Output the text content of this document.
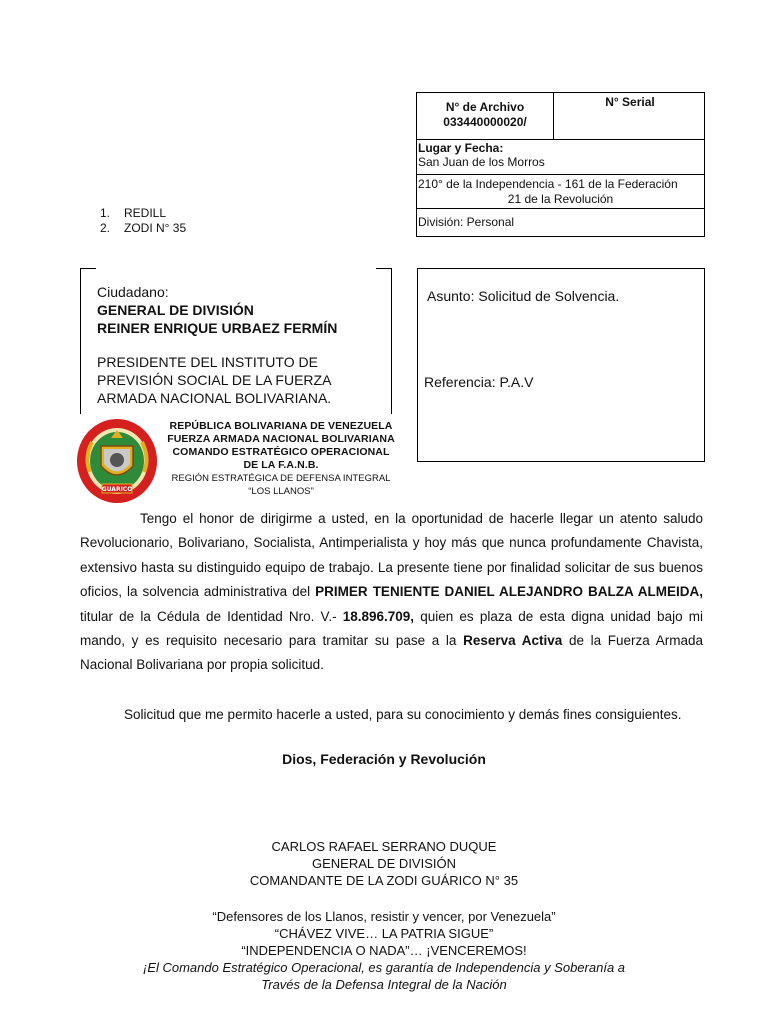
N° de Archivo
033440000020/
N° Serial
Lugar y Fecha:
San Juan de los Morros
210° de la Independencia - 161 de la Federación
21 de la Revolución
División: Personal
1. REDILL
2. ZODI N° 35
Ciudadano:
GENERAL DE DIVISIÓN
REINER ENRIQUE URBAEZ FERMÍN
PRESIDENTE DEL INSTITUTO DE
PREVISIÓN SOCIAL DE LA FUERZA
ARMADA NACIONAL BOLIVARIANA.
Asunto: Solicitud de Solvencia.
Referencia: P.A.V
GUARICO
REPÚBLICA BOLIVARIANA DE VENEZUELA
FUERZA ARMADA NACIONAL BOLIVARIANA
COMANDO ESTRATÉGICO OPERACIONAL
DE LA F.A.N.B.
REGIÓN ESTRATÉGICA DE DEFENSA INTEGRAL
“LOS LLANOS”

Tengo el honor de dirigirme a usted, en la oportunidad de hacerle llegar un atento saludo Revolucionario, Bolivariano, Socialista, Antimperialista y hoy más que nunca profundamente Chavista, extensivo hasta su distinguido equipo de trabajo. La presente tiene por finalidad solicitar de sus buenos oficios, la solvencia administrativa del PRIMER TENIENTE DANIEL ALEJANDRO BALZA ALMEIDA, titular de la Cédula de Identidad Nro. V.- 18.896.709, quien es plaza de esta digna unidad bajo mi mando, y es requisito necesario para tramitar su pase a la Reserva Activa de la Fuerza Armada Nacional Bolivariana por propia solicitud.

Solicitud que me permito hacerle a usted, para su conocimiento y demás fines consiguientes.
Dios, Federación y Revolución
CARLOS RAFAEL SERRANO DUQUE
GENERAL DE DIVISIÓN
COMANDANTE DE LA ZODI GUÁRICO N° 35
“Defensores de los Llanos, resistir y vencer, por Venezuela”
“CHÁVEZ VIVE… LA PATRIA SIGUE”
“INDEPENDENCIA O NADA”… ¡VENCEREMOS!
¡El Comando Estratégico Operacional, es garantía de Independencia y Soberanía a
Través de la Defensa Integral de la Nación
